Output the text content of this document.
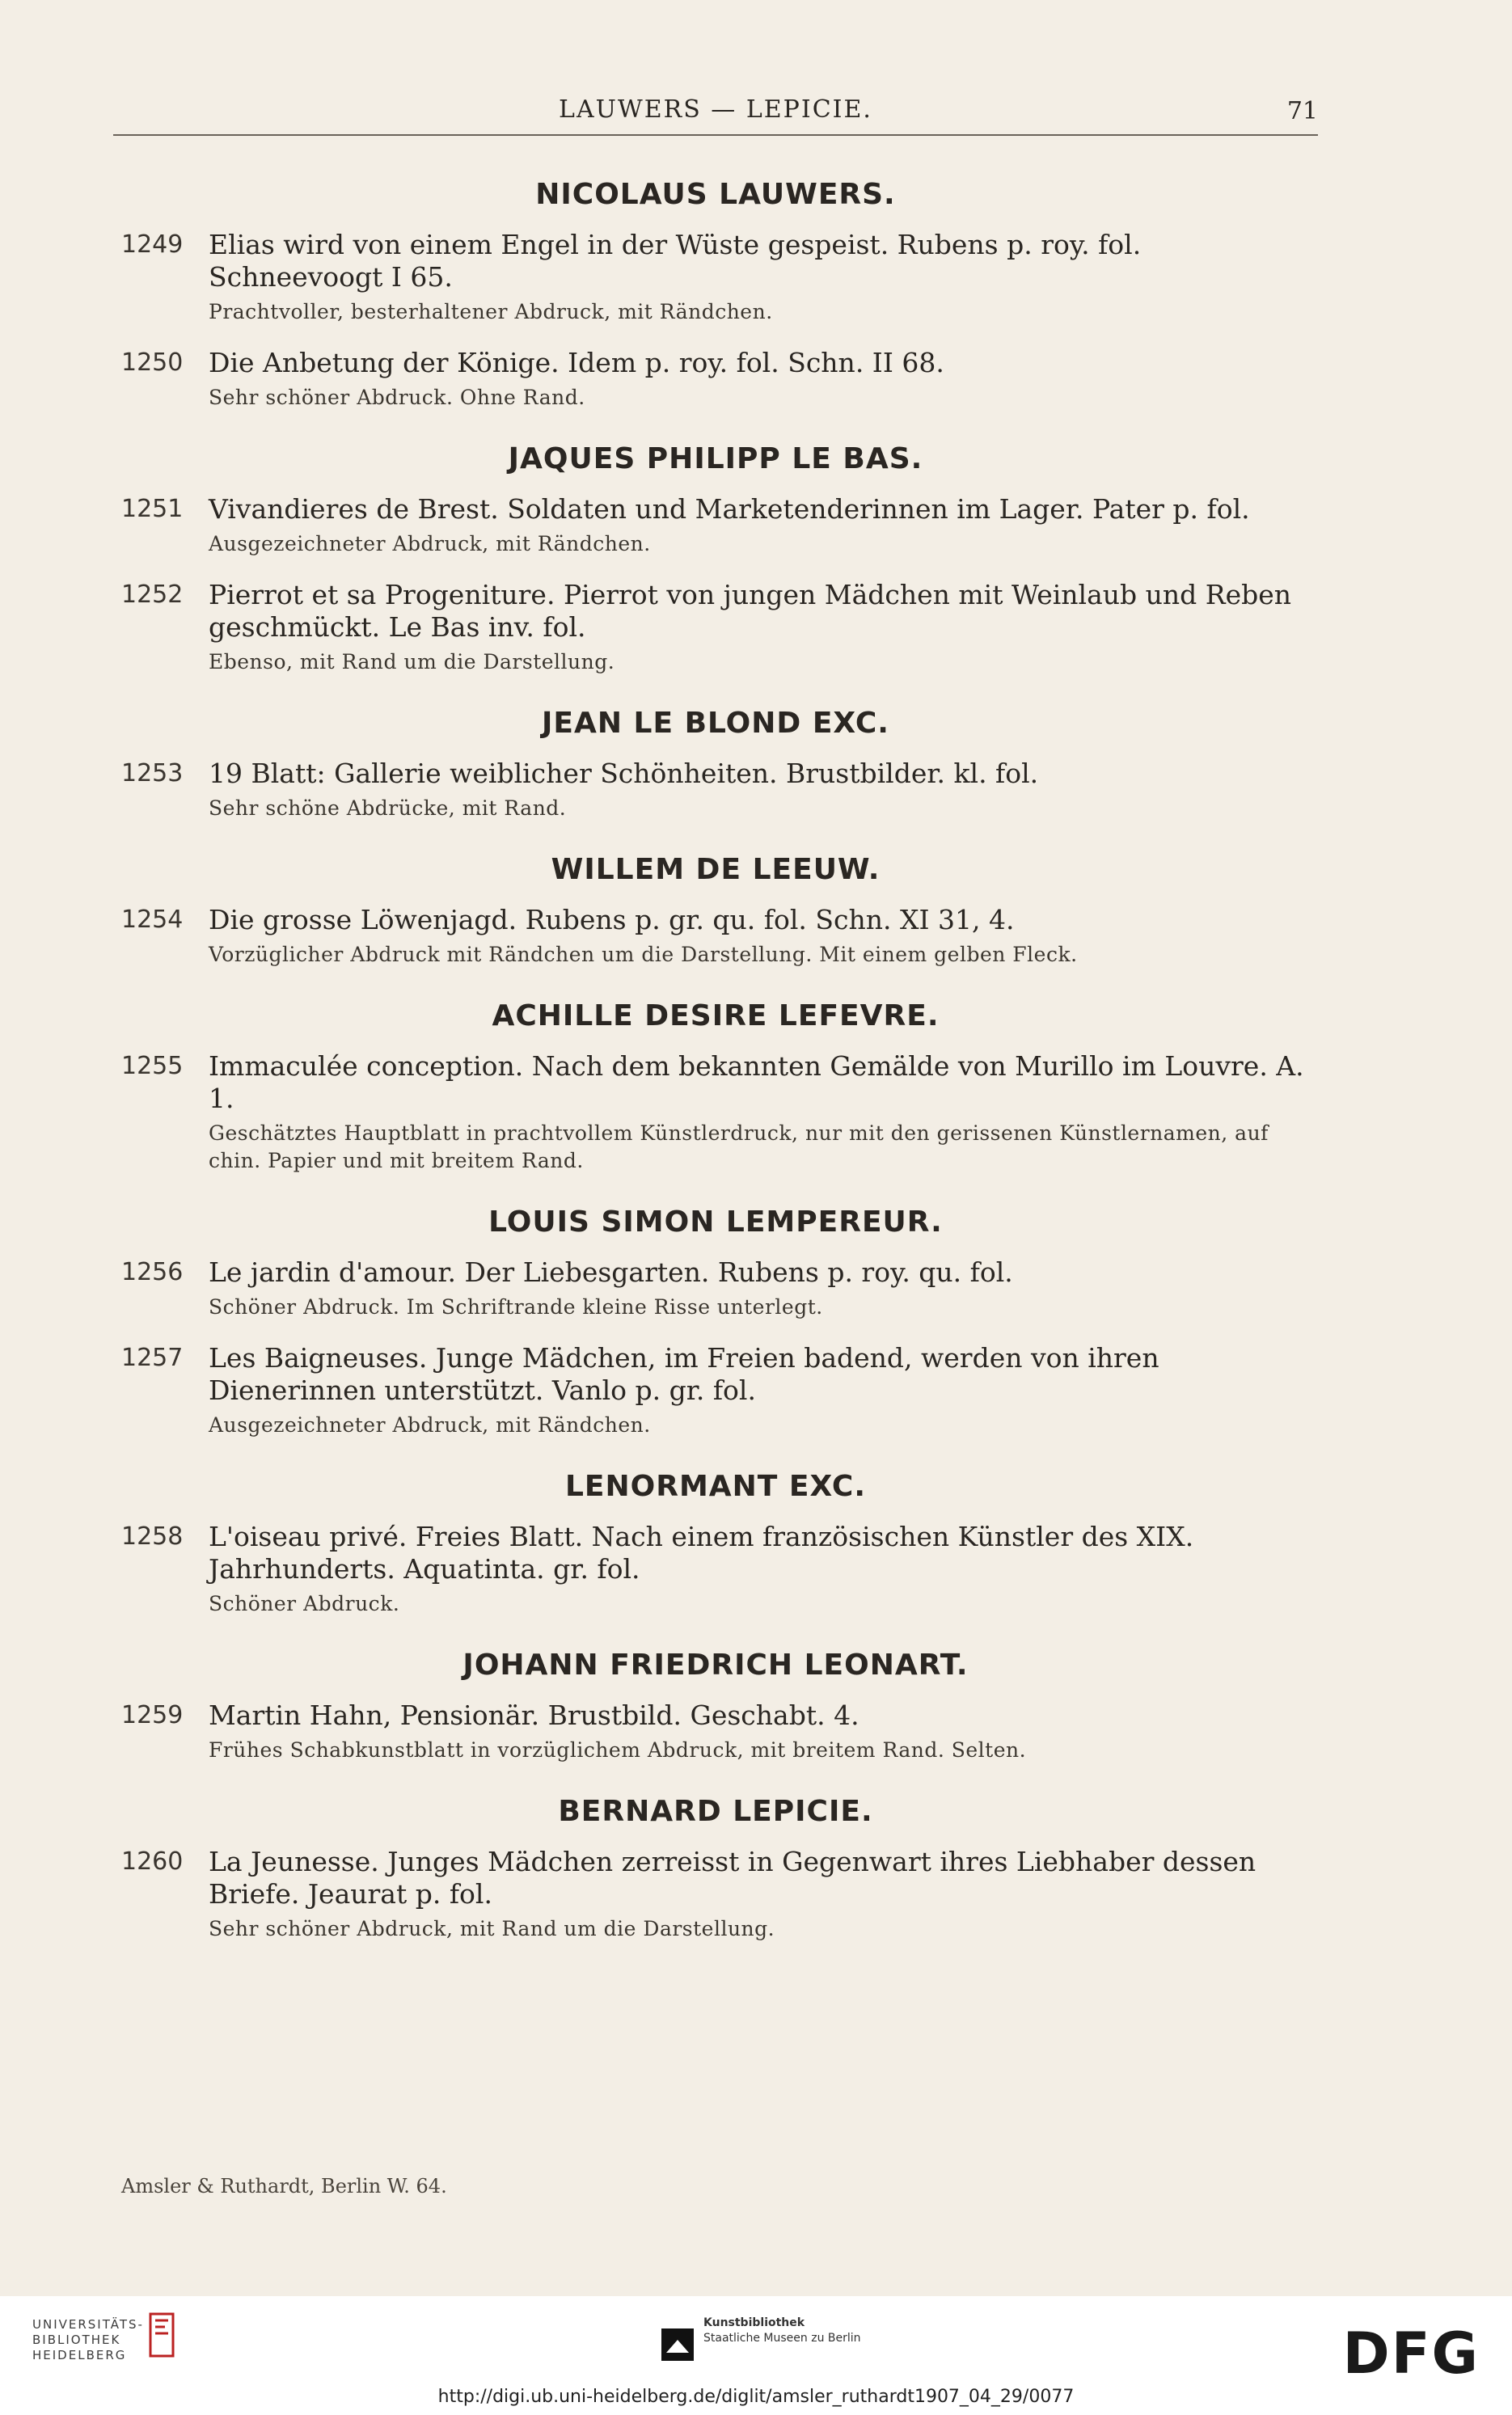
LAUWERS — LEPICIE.	71
NICOLAUS LAUWERS.
1249 Elias wird von einem Engel in der Wüste gespeist. Rubens p. roy. fol. Schneevoogt I 65.
Prachtvoller, besterhaltener Abdruck, mit Rändchen.
1250 Die Anbetung der Könige. Idem p. roy. fol. Schn. II 68.
Sehr schöner Abdruck. Ohne Rand.
JAQUES PHILIPP LE BAS.
1251 Vivandieres de Brest. Soldaten und Marketenderinnen im Lager. Pater p. fol.
Ausgezeichneter Abdruck, mit Rändchen.
1252 Pierrot et sa Progeniture. Pierrot von jungen Mädchen mit Weinlaub und Reben geschmückt. Le Bas inv. fol.
Ebenso, mit Rand um die Darstellung.
JEAN LE BLOND EXC.
1253 19 Blatt: Gallerie weiblicher Schönheiten. Brustbilder. kl. fol.
Sehr schöne Abdrücke, mit Rand.
WILLEM DE LEEUW.
1254 Die grosse Löwenjagd. Rubens p. gr. qu. fol. Schn. XI 31, 4.
Vorzüglicher Abdruck mit Rändchen um die Darstellung. Mit einem gelben Fleck.
ACHILLE DESIRE LEFEVRE.
1255 Immaculée conception. Nach dem bekannten Gemälde von Murillo im Louvre. A. 1.
Geschätztes Hauptblatt in prachtvollem Künstlerdruck, nur mit den gerissenen Künstlernamen, auf chin. Papier und mit breitem Rand.
LOUIS SIMON LEMPEREUR.
1256 Le jardin d'amour. Der Liebesgarten. Rubens p. roy. qu. fol.
Schöner Abdruck. Im Schriftrande kleine Risse unterlegt.
1257 Les Baigneuses. Junge Mädchen, im Freien badend, werden von ihren Dienerinnen unterstützt. Vanlo p. gr. fol.
Ausgezeichneter Abdruck, mit Rändchen.
LENORMANT EXC.
1258 L'oiseau privé. Freies Blatt. Nach einem französischen Künstler des XIX. Jahrhunderts. Aquatinta. gr. fol.
Schöner Abdruck.
JOHANN FRIEDRICH LEONART.
1259 Martin Hahn, Pensionär. Brustbild. Geschabt. 4.
Frühes Schabkunstblatt in vorzüglichem Abdruck, mit breitem Rand. Selten.
BERNARD LEPICIE.
1260 La Jeunesse. Junges Mädchen zerreisst in Gegenwart ihres Liebhaber dessen Briefe. Jeaurat p. fol.
Sehr schöner Abdruck, mit Rand um die Darstellung.
Amsler & Ruthardt, Berlin W. 64.
UNIVERSITÄTS-
BIBLIOTHEK
HEIDELBERG
Kunstbibliothek
Staatliche Museen zu Berlin	DFG
http://digi.ub.uni-heidelberg.de/diglit/amsler_ruthardt1907_04_29/0077
